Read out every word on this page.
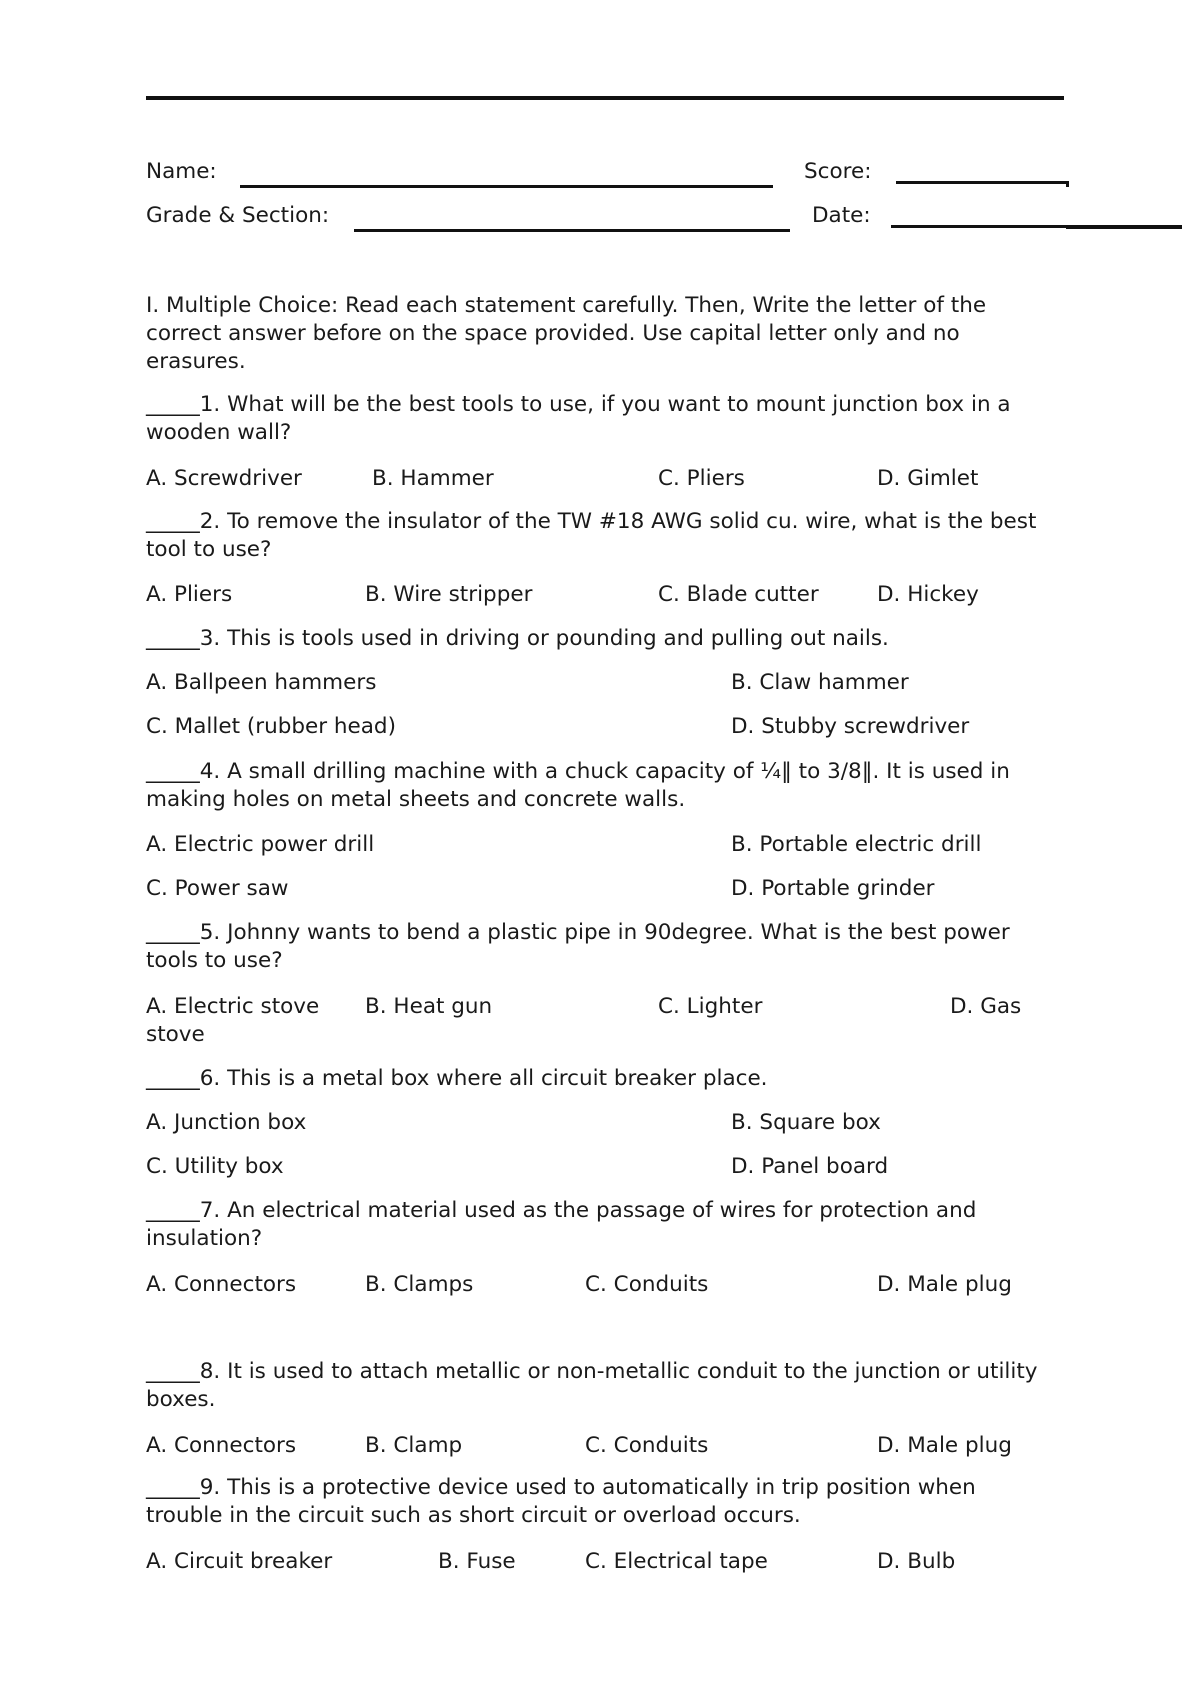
Name:	Score:
Grade & Section:	Date:
I. Multiple Choice: Read each statement carefully. Then, Write the letter of the correct answer before on the space provided. Use capital letter only and no erasures.
_____1. What will be the best tools to use, if you want to mount junction box in a wooden wall?
A. Screwdriver	B. Hammer	C. Pliers	D. Gimlet
_____2. To remove the insulator of the TW #18 AWG solid cu. wire, what is the best tool to use?
A. Pliers	B. Wire stripper	C. Blade cutter	D. Hickey
_____3. This is tools used in driving or pounding and pulling out nails.
A. Ballpeen hammers	B. Claw hammer
C. Mallet (rubber head)	D. Stubby screwdriver
_____4. A small drilling machine with a chuck capacity of ¼‖ to 3/8‖. It is used in making holes on metal sheets and concrete walls.
A. Electric power drill	B. Portable electric drill
C. Power saw	D. Portable grinder
_____5. Johnny wants to bend a plastic pipe in 90degree. What is the best power tools to use?
A. Electric stove B. Heat gun	C. Lighter	D. Gas
stove
_____6. This is a metal box where all circuit breaker place.
A. Junction box	B. Square box
C. Utility box	D. Panel board
_____7. An electrical material used as the passage of wires for protection and insulation?
A. Connectors	B. Clamps	C. Conduits	D. Male plug
_____8. It is used to attach metallic or non-metallic conduit to the junction or utility boxes.
A. Connectors	B. Clamp	C. Conduits	D. Male plug
_____9. This is a protective device used to automatically in trip position when trouble in the circuit such as short circuit or overload occurs.
A. Circuit breaker	B. Fuse	C. Electrical tape	D. Bulb
